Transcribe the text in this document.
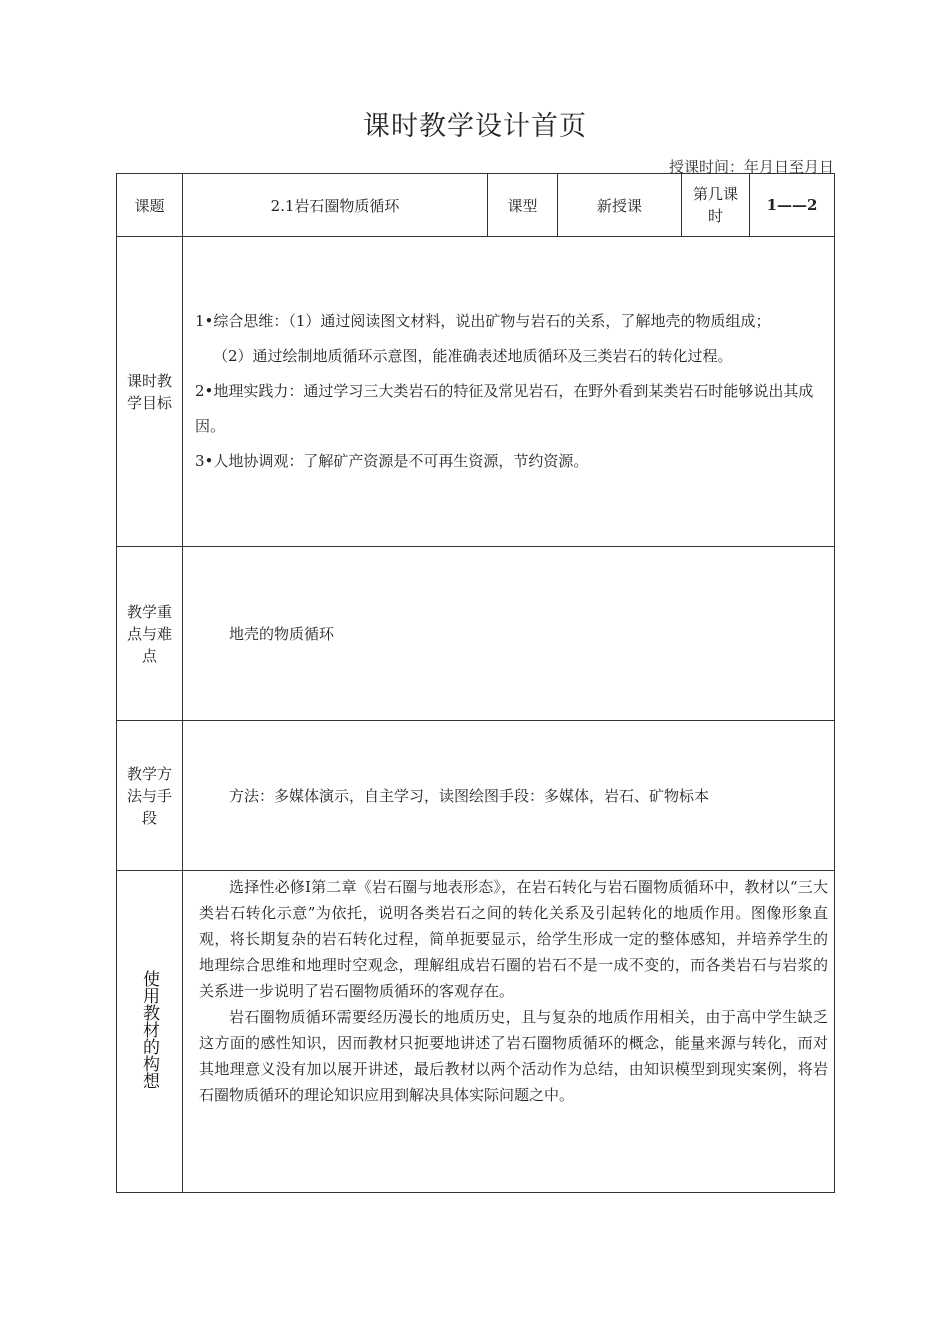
课时教学设计首页
授课时间：年月日至月日
课题	2.1岩石圈物质循环	课型	新授课	第几课时	1——2

课时教学目标	1•综合思维：（1）通过阅读图文材料，说出矿物与岩石的关系，了解地壳的物质组成；

（2）通过绘制地质循环示意图，能准确表述地质循环及三类岩石的转化过程。

2•地理实践力：通过学习三大类岩石的特征及常见岩石，在野外看到某类岩石时能够说出其成因。

3•人地协调观：了解矿产资源是不可再生资源，节约资源。				

教学重点与难点	地壳的物质循环				

教学方法与手段	方法：多媒体演示，自主学习，读图绘图手段：多媒体，岩石、矿物标本				
使用教材的构想	选择性必修I第二章《岩石圈与地表形态》，在岩石转化与岩石圈物质循环中，教材以“三大类岩石转化示意”为依托，说明各类岩石之间的转化关系及引起转化的地质作用。图像形象直观，将长期复杂的岩石转化过程，简单扼要显示，给学生形成一定的整体感知，并培养学生的地理综合思维和地理时空观念，理解组成岩石圈的岩石不是一成不变的，而各类岩石与岩浆的关系进一步说明了岩石圈物质循环的客观存在。

岩石圈物质循环需要经历漫长的地质历史，且与复杂的地质作用相关，由于高中学生缺乏这方面的感性知识，因而教材只扼要地讲述了岩石圈物质循环的概念，能量来源与转化，而对其地理意义没有加以展开讲述，最后教材以两个活动作为总结，由知识模型到现实案例，将岩石圈物质循环的理论知识应用到解决具体实际问题之中。				
